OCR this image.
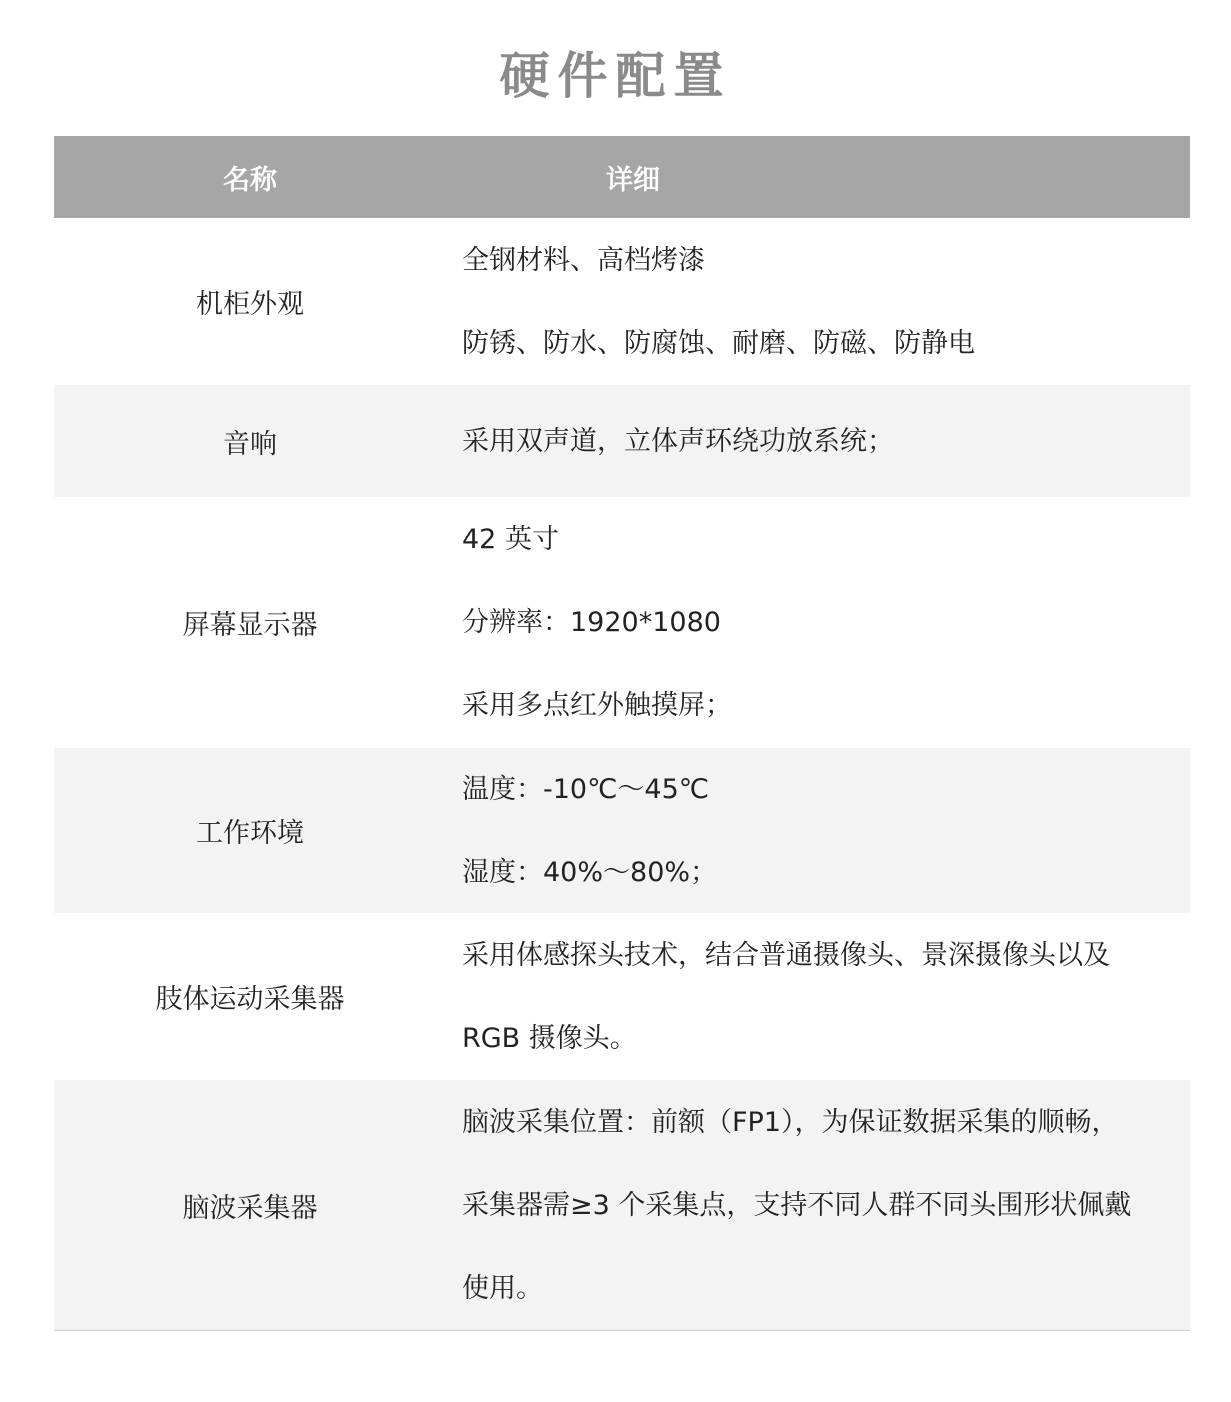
硬件配置
名称	详细
机柜外观
全钢材料、高档烤漆
防锈、防水、防腐蚀、耐磨、防磁、防静电
音响	采用双声道，立体声环绕功放系统；
屏幕显示器
42 英寸
分辨率：1920*1080
采用多点红外触摸屏；
工作环境
温度：-10℃～45℃
湿度：40%～80%；
肢体运动采集器
采用体感探头技术，结合普通摄像头、景深摄像头以及
RGB 摄像头。
脑波采集器
脑波采集位置：前额（FP1），为保证数据采集的顺畅，
采集器需≥3 个采集点，支持不同人群不同头围形状佩戴
使用。
